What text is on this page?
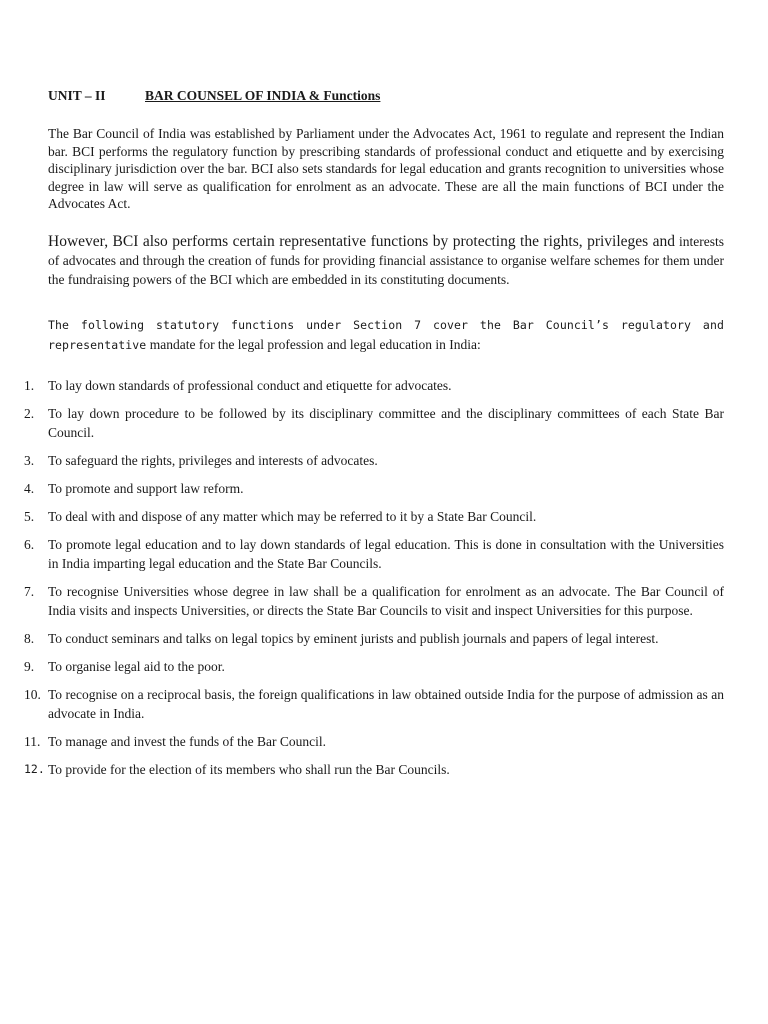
UNIT – II	BAR COUNSEL OF INDIA & Functions

The Bar Council of India was established by Parliament under the Advocates Act, 1961 to regulate and represent the Indian bar. BCI performs the regulatory function by prescribing standards of professional conduct and etiquette and by exercising disciplinary jurisdiction over the bar. BCI also sets standards for legal education and grants recognition to universities whose degree in law will serve as qualification for enrolment as an advocate. These are all the main functions of BCI under the Advocates Act.

However, BCI also performs certain representative functions by protecting the rights, privileges and interests of advocates and through the creation of funds for providing financial assistance to organise welfare schemes for them under the fundraising powers of the BCI which are embedded in its constituting documents.

The following statutory functions under Section 7 cover the Bar Council’s regulatory and representative mandate for the legal profession and legal education in India:

1. To lay down standards of professional conduct and etiquette for advocates.
2. To lay down procedure to be followed by its disciplinary committee and the disciplinary committees of each State Bar Council.
3. To safeguard the rights, privileges and interests of advocates.
4. To promote and support law reform.
5. To deal with and dispose of any matter which may be referred to it by a State Bar Council.
6. To promote legal education and to lay down standards of legal education. This is done in consultation with the Universities in India imparting legal education and the State Bar Councils.
7. To recognise Universities whose degree in law shall be a qualification for enrolment as an advocate. The Bar Council of India visits and inspects Universities, or directs the State Bar Councils to visit and inspect Universities for this purpose.
8. To conduct seminars and talks on legal topics by eminent jurists and publish journals and papers of legal interest.
9. To organise legal aid to the poor.
10. To recognise on a reciprocal basis, the foreign qualifications in law obtained outside India for the purpose of admission as an advocate in India.
11. To manage and invest the funds of the Bar Council.
12. To provide for the election of its members who shall run the Bar Councils.
